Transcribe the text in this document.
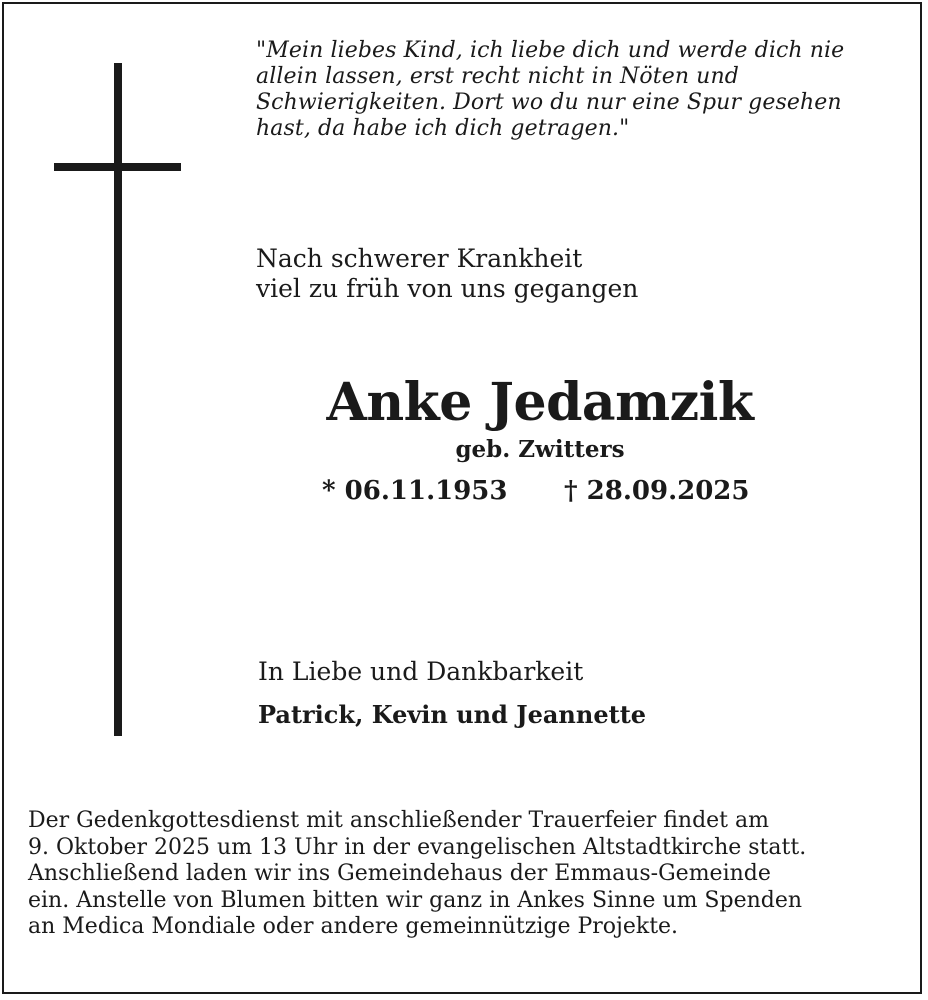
"Mein liebes Kind, ich liebe dich und werde dich nie
allein lassen, erst recht nicht in Nöten und
Schwierigkeiten. Dort wo du nur eine Spur gesehen
hast, da habe ich dich getragen."

Nach schwerer Krankheit
viel zu früh von uns gegangen

Anke Jedamzik

geb. Zwitters

* 06.11.1953 † 28.09.2025

In Liebe und Dankbarkeit

Patrick, Kevin und Jeannette

Der Gedenkgottesdienst mit anschließender Trauerfeier findet am
9. Oktober 2025 um 13 Uhr in der evangelischen Altstadtkirche statt.
Anschließend laden wir ins Gemeindehaus der Emmaus-Gemeinde
ein. Anstelle von Blumen bitten wir ganz in Ankes Sinne um Spenden
an Medica Mondiale oder andere gemeinnützige Projekte.
